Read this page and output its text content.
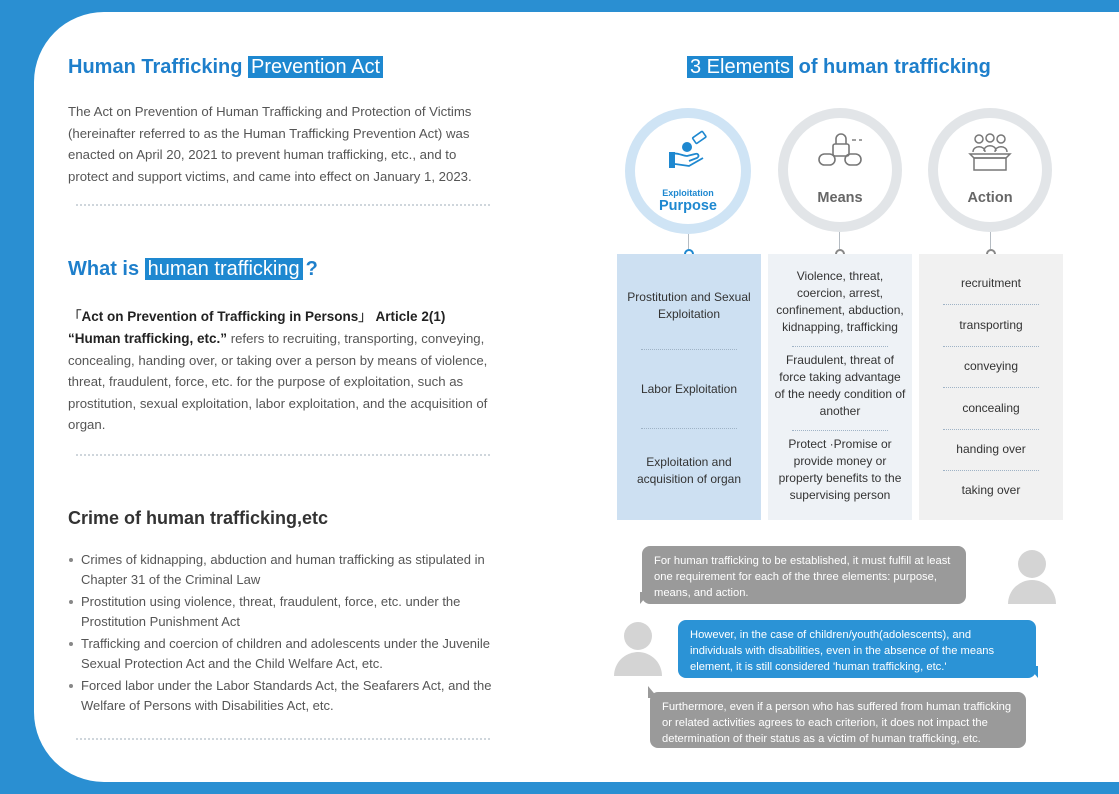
Human Trafficking Prevention Act
The Act on Prevention of Human Trafficking and Protection of Victims (hereinafter referred to as the Human Trafficking Prevention Act) was enacted on April 20, 2021 to prevent human trafficking, etc., and to protect and support victims, and came into effect on January 1, 2023.
What is human trafficking ?
「Act on Prevention of Trafficking in Persons」 Article 2(1)
“Human trafficking, etc.” refers to recruiting, transporting, conveying, concealing, handing over, or taking over a person by means of violence, threat, fraudulent, force, etc. for the purpose of exploitation, such as prostitution, sexual exploitation, labor exploitation, and the acquisition of organ.
Crime of human trafficking,etc
Crimes of kidnapping, abduction and human trafficking as stipulated in Chapter 31 of the Criminal Law
Prostitution using violence, threat, fraudulent, force, etc. under the Prostitution Punishment Act
Trafficking and coercion of children and adolescents under the Juvenile Sexual Protection Act and the Child Welfare Act, etc.
Forced labor under the Labor Standards Act, the Seafarers Act, and the Welfare of Persons with Disabilities Act, etc.
3 Elements of human trafficking
Exploitation
Purpose	Means	Action
Prostitution and Sexual Exploitation
Labor Exploitation
Exploitation and acquisition of organ
Violence, threat, coercion, arrest, confinement, abduction, kidnapping, trafficking
Fraudulent, threat of force taking advantage of the needy condition of another
Protect ·Promise or provide money or property benefits to the supervising person
recruitment
transporting
conveying
concealing
handing over
taking over
For human trafficking to be established, it must fulfill at least one requirement for each of the three elements: purpose, means, and action.
However, in the case of children/youth(adolescents), and individuals with disabilities, even in the absence of the means element, it is still considered 'human trafficking, etc.'
Furthermore, even if a person who has suffered from human trafficking or related activities agrees to each criterion, it does not impact the determination of their status as a victim of human trafficking, etc.
